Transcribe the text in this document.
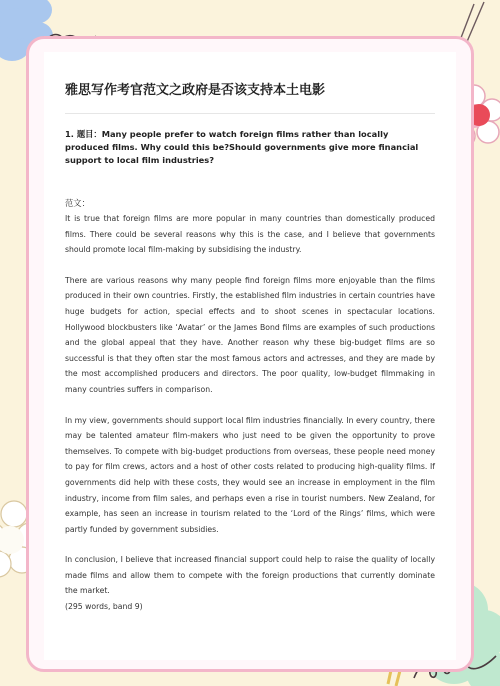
雅思写作考官范文之政府是否该支持本土电影
1. 题目：Many people prefer to watch foreign films rather than locally produced films. Why could this be?Should governments give more financial support to local film industries?
范文：

It is true that foreign films are more popular in many countries than domestically produced films. There could be several reasons why this is the case, and I believe that governments should promote local film-making by subsidising the industry.

There are various reasons why many people find foreign films more enjoyable than the films produced in their own countries. Firstly, the established film industries in certain countries have huge budgets for action, special effects and to shoot scenes in spectacular locations. Hollywood blockbusters like ‘Avatar’ or the James Bond films are examples of such productions and the global appeal that they have. Another reason why these big-budget films are so successful is that they often star the most famous actors and actresses, and they are made by the most accomplished producers and directors. The poor quality, low-budget filmmaking in many countries suffers in comparison.

In my view, governments should support local film industries financially. In every country, there may be talented amateur film-makers who just need to be given the opportunity to prove themselves. To compete with big-budget productions from overseas, these people need money to pay for film crews, actors and a host of other costs related to producing high-quality films. If governments did help with these costs, they would see an increase in employment in the film industry, income from film sales, and perhaps even a rise in tourist numbers. New Zealand, for example, has seen an increase in tourism related to the ‘Lord of the Rings’ films, which were partly funded by government subsidies.

In conclusion, I believe that increased financial support could help to raise the quality of locally made films and allow them to compete with the foreign productions that currently dominate the market.

(295 words, band 9)
